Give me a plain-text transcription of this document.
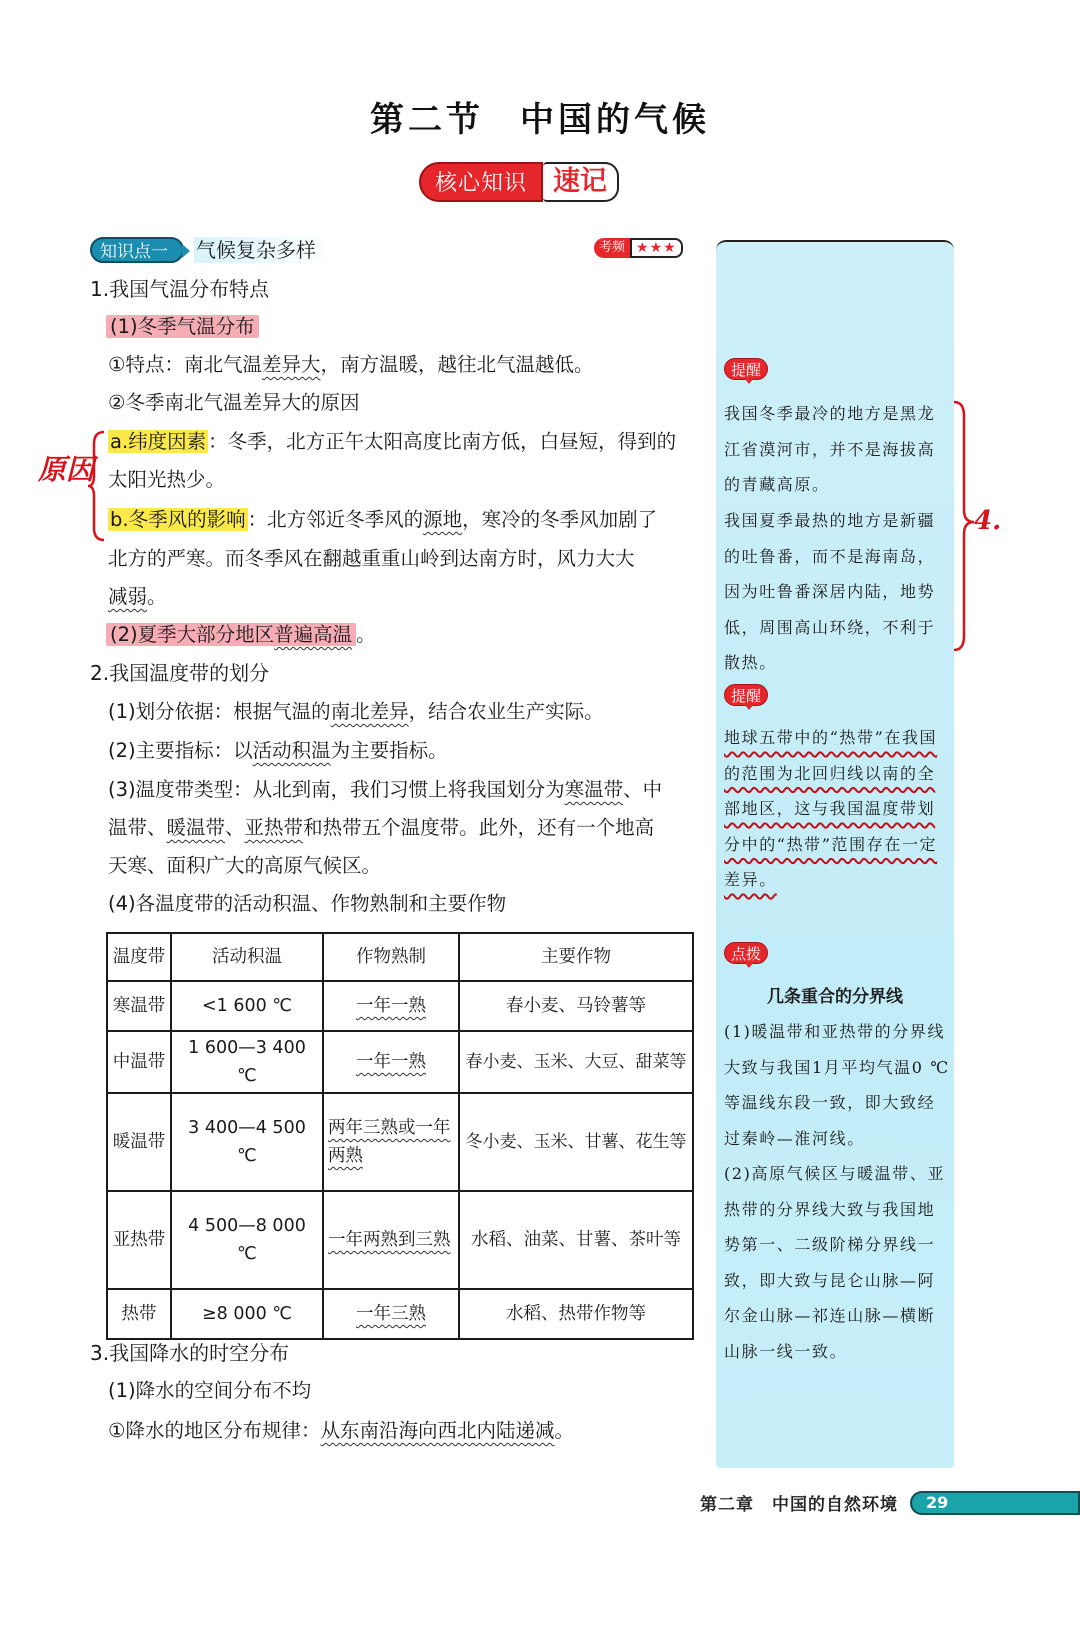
第二节 中国的气候
核心知识 速记
知识点一	气候复杂多样	考频 ★★★
1.我国气温分布特点
(1)冬季气温分布
①特点：南北气温差异大，南方温暖，越往北气温越低。
②冬季南北气温差异大的原因
a.纬度因素 ：冬季，北方正午太阳高度比南方低，白昼短，得到的
太阳光热少。
b.冬季风的影响 ：北方邻近冬季风的源地，寒冷的冬季风加剧了
北方的严寒。而冬季风在翻越重重山岭到达南方时，风力大大
减弱。
(2)夏季大部分地区普遍高温 。
2.我国温度带的划分
(1)划分依据：根据气温的南北差异，结合农业生产实际。
(2)主要指标：以活动积温为主要指标。
(3)温度带类型：从北到南，我们习惯上将我国划分为寒温带、中
温带、暖温带、亚热带和热带五个温度带。此外，还有一个地高
天寒、面积广大的高原气候区。
(4)各温度带的活动积温、作物熟制和主要作物
温度带	活动积温	作物熟制	主要作物
寒温带	<1 600 ℃	一年一熟	春小麦、马铃薯等
中温带	1 600—3 400 ℃	一年一熟	春小麦、玉米、大豆、甜菜等
暖温带	3 400—4 500 ℃	两年三熟或一年两熟	冬小麦、玉米、甘薯、花生等
亚热带	4 500—8 000 ℃	一年两熟到三熟	水稻、油菜、甘薯、茶叶等
热带	≥8 000 ℃	一年三熟	水稻、热带作物等
3.我国降水的时空分布
(1)降水的空间分布不均
①降水的地区分布规律：从东南沿海向西北内陆递减。
原因
提醒
我国冬季最冷的地方是黑龙江省漠河市，并不是海拔高的青藏高原。
我国夏季最热的地方是新疆的吐鲁番，而不是海南岛，因为吐鲁番深居内陆，地势低，周围高山环绕，不利于散热。
提醒
地球五带中的“热带”在我国的范围为北回归线以南的全部地区，这与我国温度带划分中的“热带”范围存在一定差异。
点拨
几条重合的分界线
(1)暖温带和亚热带的分界线大致与我国1月平均气温0 ℃等温线东段一致，即大致经过秦岭—淮河线。
(2)高原气候区与暖温带、亚热带的分界线大致与我国地势第一、二级阶梯分界线一致，即大致与昆仑山脉—阿尔金山脉—祁连山脉—横断山脉一线一致。
4.
第二章 中国的自然环境	29
